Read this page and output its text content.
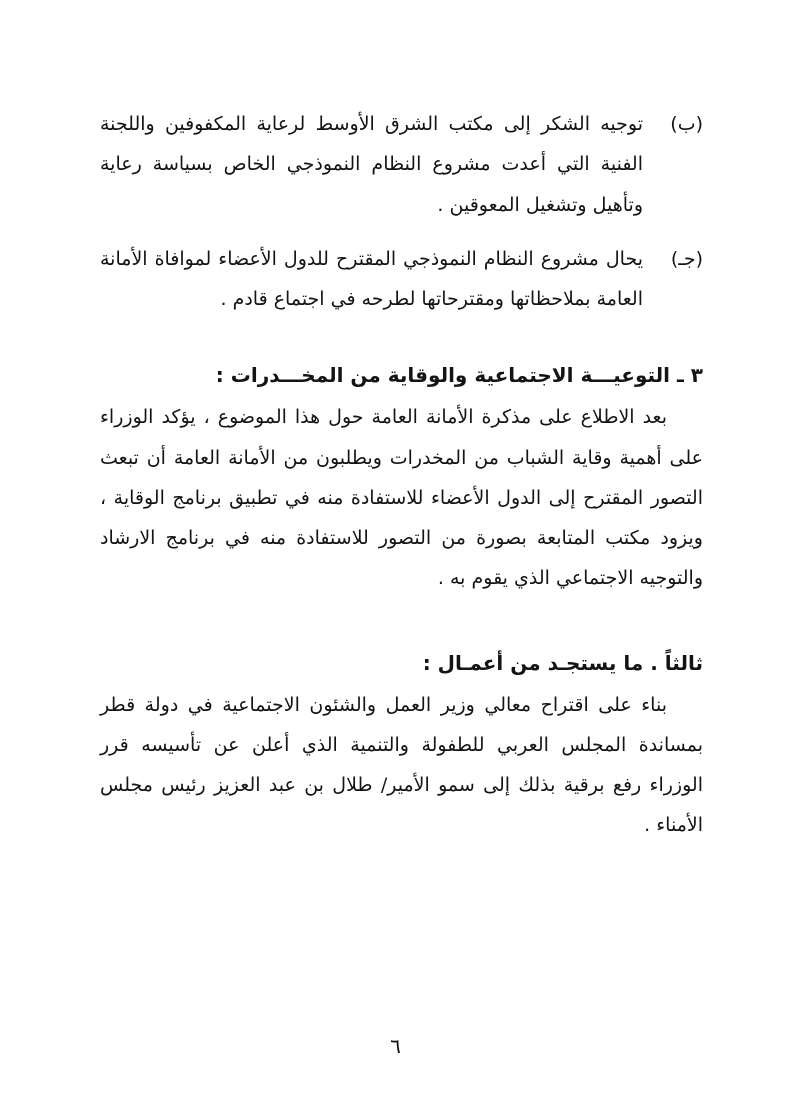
(ب)

توجيه الشكر إلى مكتب الشرق الأوسط لرعاية المكفوفين واللجنة الفنية التي أعدت مشروع النظام النموذجي الخاص بسياسة رعاية وتأهيل وتشغيل المعوقين .

(جـ)

يحال مشروع النظام النموذجي المقترح للدول الأعضاء لموافاة الأمانة العامة بملاحظاتها ومقترحاتها لطرحه في اجتماع قادم .

٣ ـ التوعيـــة الاجتماعية والوقاية من المخـــدرات :

بعد الاطلاع على مذكرة الأمانة العامة حول هذا الموضوع ، يؤكد الوزراء على أهمية وقاية الشباب من المخدرات ويطلبون من الأمانة العامة أن تبعث التصور المقترح إلى الدول الأعضاء للاستفادة منه في تطبيق برنامج الوقاية ، ويزود مكتب المتابعة بصورة من التصور للاستفادة منه في برنامج الارشاد والتوجيه الاجتماعي الذي يقوم به .

ثالثاً . ما يستجـد من أعمـال :

بناء على اقتراح معالي وزير العمل والشئون الاجتماعية في دولة قطر بمساندة المجلس العربي للطفولة والتنمية الذي أعلن عن تأسيسه قرر الوزراء رفع برقية بذلك إلى سمو الأمير/ طلال بن عبد العزيز رئيس مجلس الأمناء .

٦
